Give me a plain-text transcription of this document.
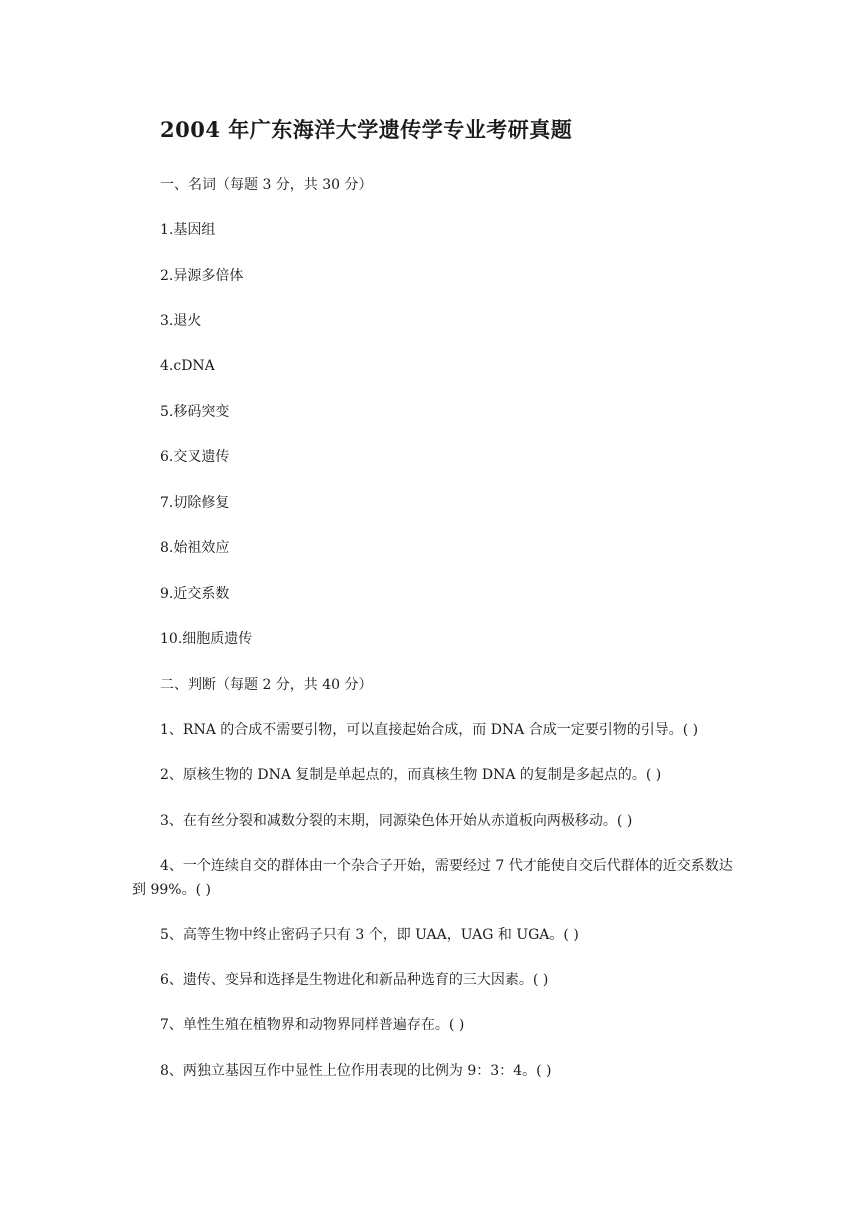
2004 年广东海洋大学遗传学专业考研真题
一、名词（每题 3 分，共 30 分）
1.基因组
2.异源多倍体
3.退火
4.cDNA
5.移码突变
6.交叉遗传
7.切除修复
8.始祖效应
9.近交系数
10.细胞质遗传
二、判断（每题 2 分，共 40 分）
1、RNA 的合成不需要引物，可以直接起始合成，而 DNA 合成一定要引物的引导。( )
2、原核生物的 DNA 复制是单起点的，而真核生物 DNA 的复制是多起点的。( )
3、在有丝分裂和减数分裂的末期，同源染色体开始从赤道板向两极移动。( )
4、一个连续自交的群体由一个杂合子开始，需要经过 7 代才能使自交后代群体的近交系数达到 99%。( )
5、高等生物中终止密码子只有 3 个，即 UAA，UAG 和 UGA。( )
6、遗传、变异和选择是生物进化和新品种选育的三大因素。( )
7、单性生殖在植物界和动物界同样普遍存在。( )
8、两独立基因互作中显性上位作用表现的比例为 9：3：4。( )
